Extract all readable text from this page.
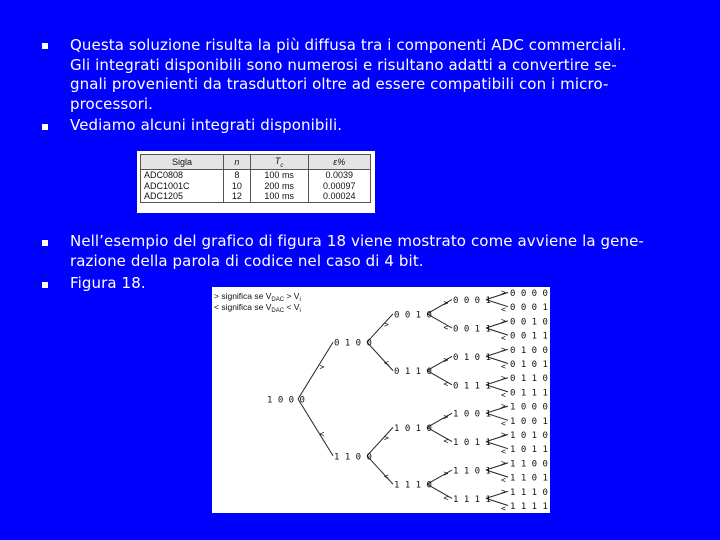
Questa soluzione risulta la più diffusa tra i componenti ADC commerciali.
Gli integrati disponibili sono numerosi e risultano adatti a convertire se-
gnali provenienti da trasduttori oltre ad essere compatibili con i micro-
processori.
Vediamo alcuni integrati disponibili.
Sigla	n	$T_c$	ε%
ADC0808	8	100 ms	0.0039
ADC1001C	10	200 ms	0.00097
ADC1205	12	100 ms	0.00024
Nell’esempio del grafico di figura 18 viene mostrato come avviene la gene-
razione della parola di codice nel caso di 4 bit.
Figura 18.
> significa se $V_{DAC} > V_i$
< significa se $V_{DAC} < V_i$
1 0 0 0
0 1 0 0
>
1 1 0 0
<
0 0 1 0
>
0 1 1 0
<
1 0 1 0
>
1 1 1 0
<
0 0 0 1
>
0 0 1 1
<
0 1 0 1
>
0 1 1 1
<
1 0 0 1
>
1 0 1 1
<
1 1 0 1
>
1 1 1 1
<
0 0 0 0
>
0 0 0 1
<
0 0 1 0
>
0 0 1 1
<
0 1 0 0
>
0 1 0 1
<
0 1 1 0
>
0 1 1 1
<
1 0 0 0
>
1 0 0 1
<
1 0 1 0
>
1 0 1 1
<
1 1 0 0
>
1 1 0 1
<
1 1 1 0
>
1 1 1 1
<
